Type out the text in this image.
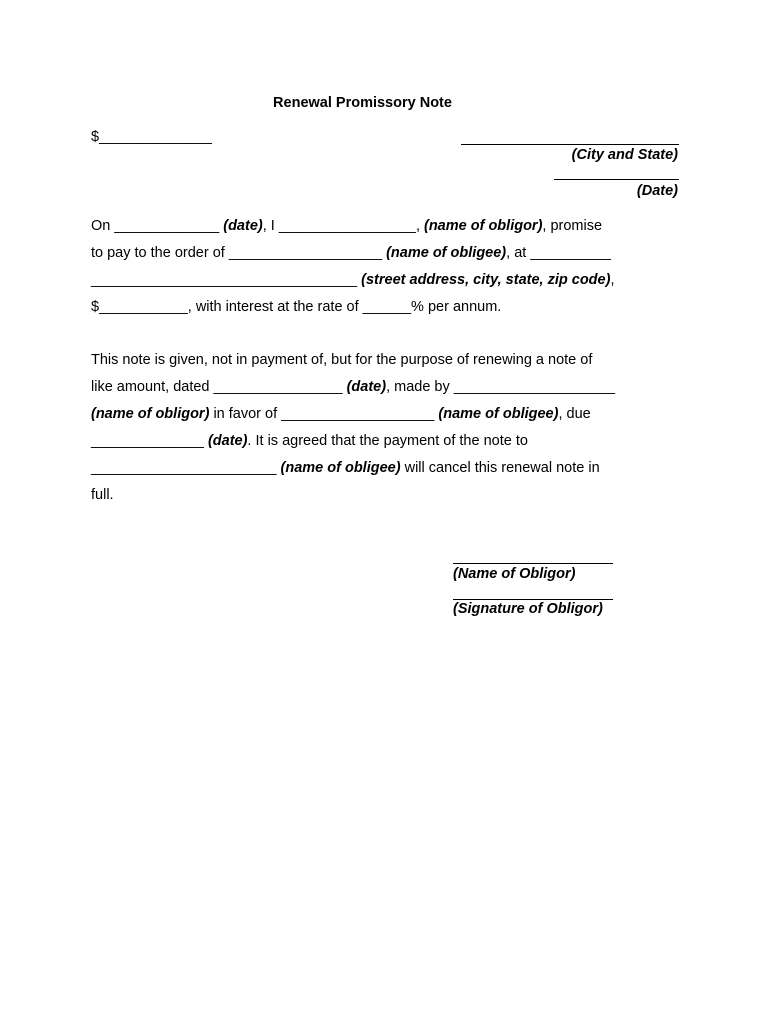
Renewal Promissory Note
$______________
(City and State)
(Date)
On _____________ (date), I _________________, (name of obligor), promise
to pay to the order of ___________________ (name of obligee), at __________
_________________________________ (street address, city, state, zip code),
$___________, with interest at the rate of ______% per annum.
This note is given, not in payment of, but for the purpose of renewing a note of
like amount, dated ________________ (date), made by ____________________
(name of obligor) in favor of ___________________ (name of obligee), due
______________ (date). It is agreed that the payment of the note to
_______________________ (name of obligee) will cancel this renewal note in
full.
(Name of Obligor)
(Signature of Obligor)
